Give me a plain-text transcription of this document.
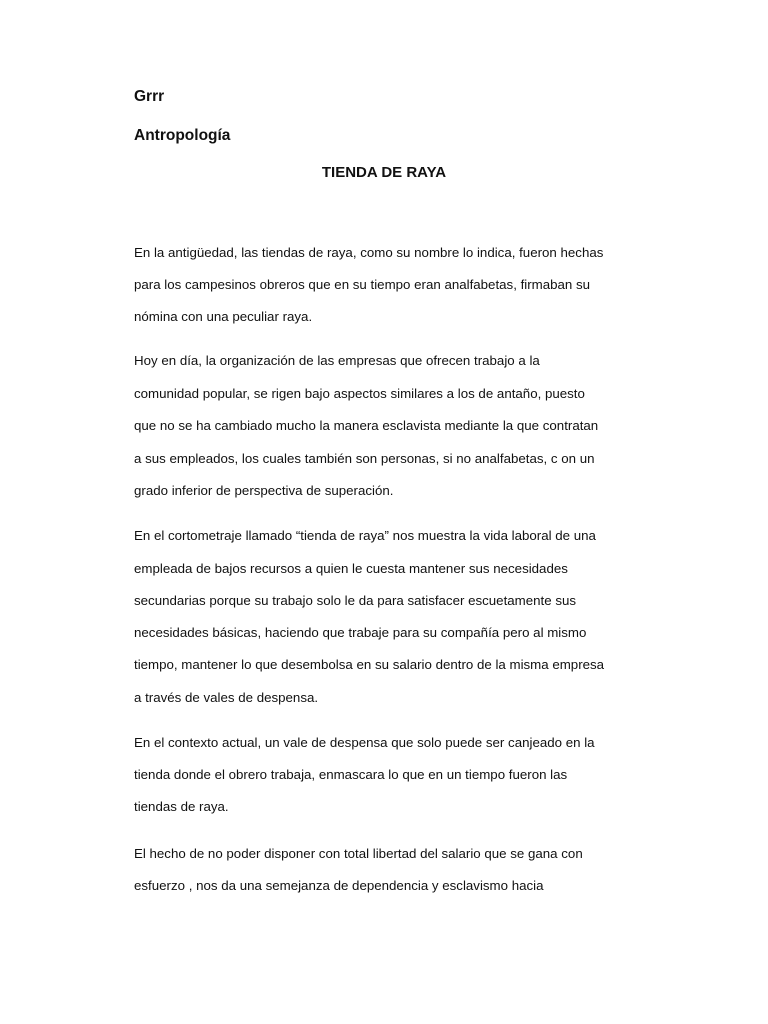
Grrr
Antropología
TIENDA DE RAYA

En la antigüedad, las tiendas de raya, como su nombre lo indica, fueron hechas

para los campesinos obreros que en su tiempo eran analfabetas, firmaban su

nómina con una peculiar raya.

Hoy en día, la organización de las empresas que ofrecen trabajo a la

comunidad popular, se rigen bajo aspectos similares a los de antaño, puesto

que no se ha cambiado mucho la manera esclavista mediante la que contratan

a sus empleados, los cuales también son personas, si no analfabetas, c on un

grado inferior de perspectiva de superación.

En el cortometraje llamado “tienda de raya” nos muestra la vida laboral de una

empleada de bajos recursos a quien le cuesta mantener sus necesidades

secundarias porque su trabajo solo le da para satisfacer escuetamente sus

necesidades básicas, haciendo que trabaje para su compañía pero al mismo

tiempo, mantener lo que desembolsa en su salario dentro de la misma empresa

a través de vales de despensa.

En el contexto actual, un vale de despensa que solo puede ser canjeado en la

tienda donde el obrero trabaja, enmascara lo que en un tiempo fueron las

tiendas de raya.

El hecho de no poder disponer con total libertad del salario que se gana con

esfuerzo , nos da una semejanza de dependencia y esclavismo hacia
